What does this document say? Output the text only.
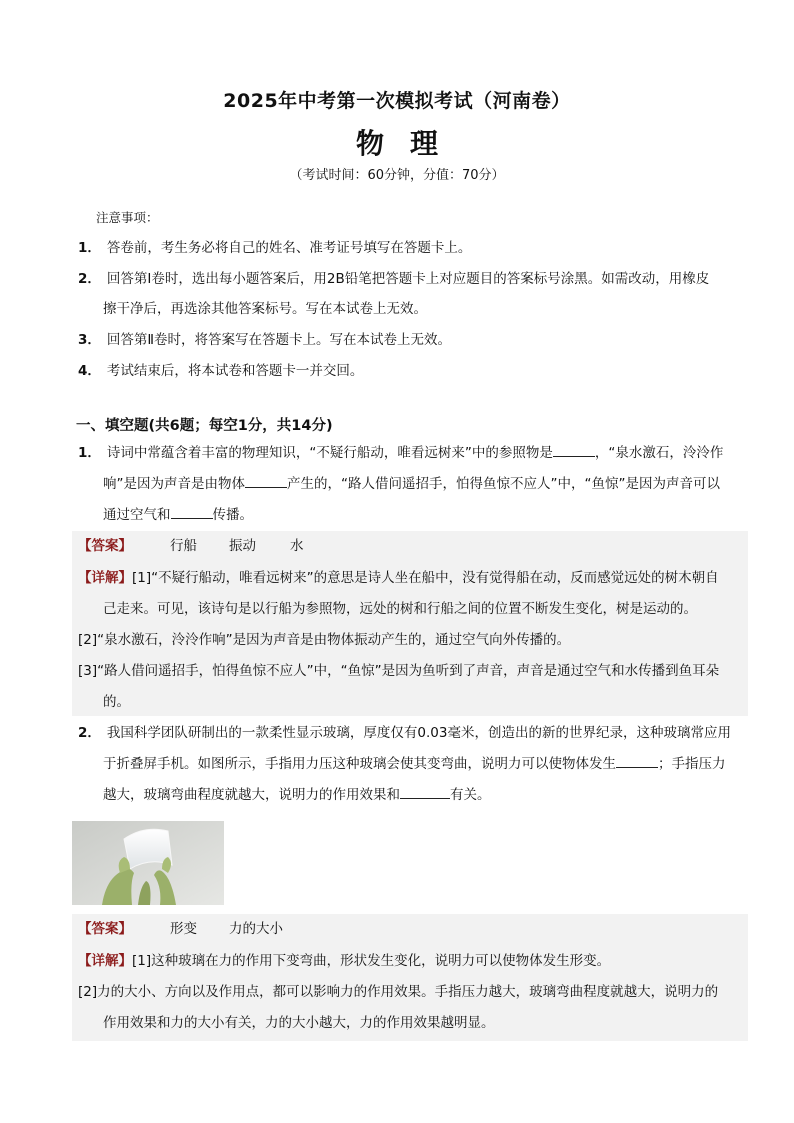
2025年中考第一次模拟考试（河南卷）
物理
（考试时间：60分钟，分值：70分）
注意事项：
1． 答卷前，考生务必将自己的姓名、准考证号填写在答题卡上。
2． 回答第Ⅰ卷时，选出每小题答案后，用2B铅笔把答题卡上对应题目的答案标号涂黑。如需改动，用橡皮
擦干净后，再选涂其他答案标号。写在本试卷上无效。
3． 回答第Ⅱ卷时，将答案写在答题卡上。写在本试卷上无效。
4． 考试结束后，将本试卷和答题卡一并交回。
一、填空题(共6题；每空1分，共14分)
1． 诗词中常蕴含着丰富的物理知识，“不疑行船动，唯看远树来”中的参照物是	，“泉水激石，泠泠作
响”是因为声音是由物体	产生的，“路人借问遥招手，怕得鱼惊不应人”中，“鱼惊”是因为声音可以
通过空气和	传播。
【答案】	行船 振动	水
【详解】[1]“不疑行船动，唯看远树来”的意思是诗人坐在船中，没有觉得船在动，反而感觉远处的树木朝自
己走来。可见，该诗句是以行船为参照物，远处的树和行船之间的位置不断发生变化，树是运动的。
[2]“泉水激石，泠泠作响”是因为声音是由物体振动产生的，通过空气向外传播的。
[3]“路人借问遥招手，怕得鱼惊不应人”中，“鱼惊”是因为鱼听到了声音，声音是通过空气和水传播到鱼耳朵
的。
2． 我国科学团队研制出的一款柔性显示玻璃，厚度仅有0.03毫米，创造出的新的世界纪录，这种玻璃常应用
于折叠屏手机。如图所示，手指用力压这种玻璃会使其变弯曲，说明力可以使物体发生	；手指压力
越大，玻璃弯曲程度就越大，说明力的作用效果和	有关。
【答案】	形变 力的大小
【详解】[1]这种玻璃在力的作用下变弯曲，形状发生变化，说明力可以使物体发生形变。
[2]力的大小、方向以及作用点，都可以影响力的作用效果。手指压力越大，玻璃弯曲程度就越大，说明力的
作用效果和力的大小有关，力的大小越大，力的作用效果越明显。
